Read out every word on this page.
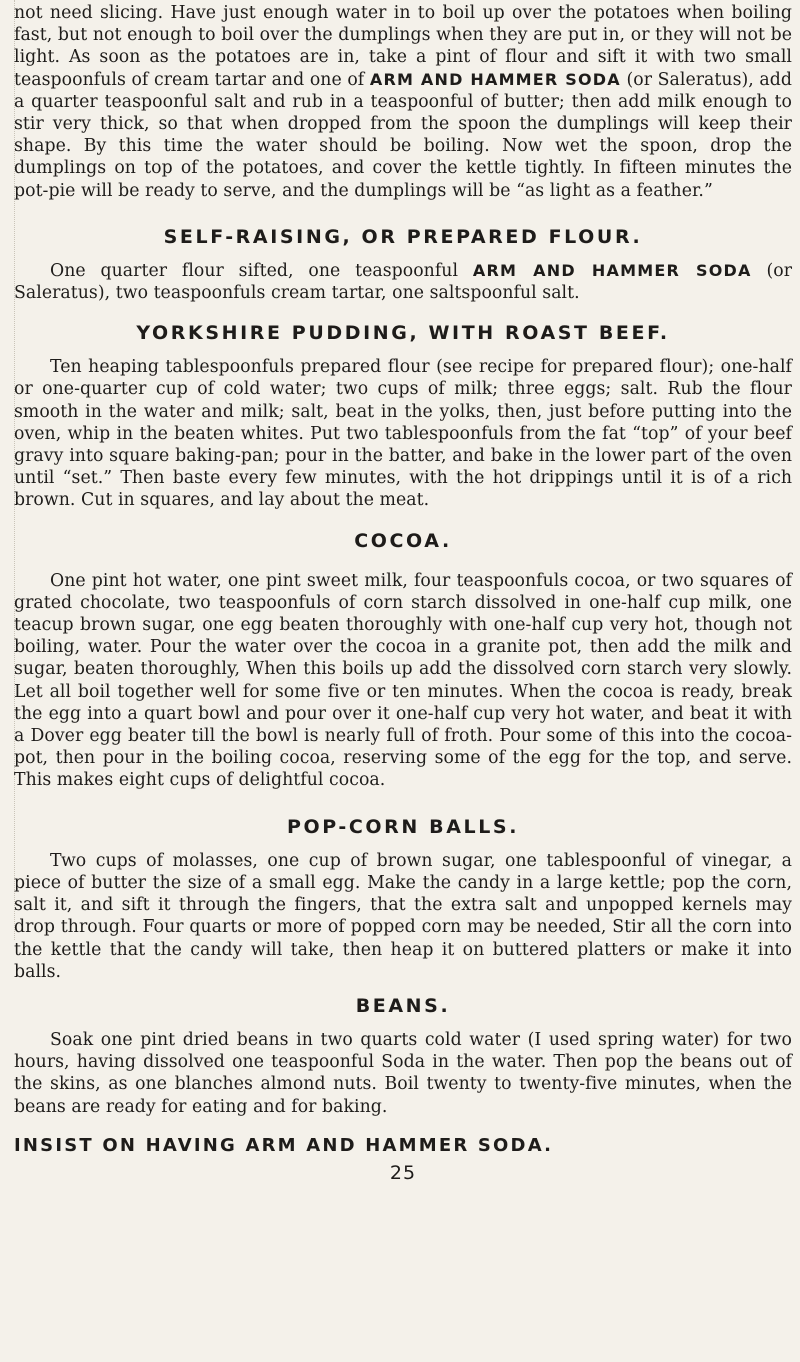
not need slicing. Have just enough water in to boil up over the potatoes when boiling fast, but not enough to boil over the dumplings when they are put in, or they will not be light. As soon as the potatoes are in, take a pint of flour and sift it with two small teaspoonfuls of cream tartar and one of ARM AND HAMMER SODA (or Saleratus), add a quarter teaspoonful salt and rub in a teaspoonful of butter; then add milk enough to stir very thick, so that when dropped from the spoon the dumplings will keep their shape. By this time the water should be boiling. Now wet the spoon, drop the dumplings on top of the potatoes, and cover the kettle tightly. In fifteen minutes the pot-pie will be ready to serve, and the dumplings will be “as light as a feather.”

SELF-RAISING, OR PREPARED FLOUR.

One quarter flour sifted, one teaspoonful ARM AND HAMMER SODA (or Saleratus), two teaspoonfuls cream tartar, one saltspoonful salt.

YORKSHIRE PUDDING, WITH ROAST BEEF.

Ten heaping tablespoonfuls prepared flour (see recipe for prepared flour); one-half or one-quarter cup of cold water; two cups of milk; three eggs; salt. Rub the flour smooth in the water and milk; salt, beat in the yolks, then, just before putting into the oven, whip in the beaten whites. Put two tablespoonfuls from the fat “top” of your beef gravy into square baking-pan; pour in the batter, and bake in the lower part of the oven until “set.” Then baste every few minutes, with the hot drippings until it is of a rich brown. Cut in squares, and lay about the meat.

COCOA.

One pint hot water, one pint sweet milk, four teaspoonfuls cocoa, or two squares of grated chocolate, two teaspoonfuls of corn starch dissolved in one-half cup milk, one teacup brown sugar, one egg beaten thoroughly with one-half cup very hot, though not boiling, water. Pour the water over the cocoa in a granite pot, then add the milk and sugar, beaten thoroughly, When this boils up add the dissolved corn starch very slowly. Let all boil together well for some five or ten minutes. When the cocoa is ready, break the egg into a quart bowl and pour over it one-half cup very hot water, and beat it with a Dover egg beater till the bowl is nearly full of froth. Pour some of this into the cocoa-pot, then pour in the boiling cocoa, reserving some of the egg for the top, and serve. This makes eight cups of delightful cocoa.

POP-CORN BALLS.

Two cups of molasses, one cup of brown sugar, one tablespoonful of vinegar, a piece of butter the size of a small egg. Make the candy in a large kettle; pop the corn, salt it, and sift it through the fingers, that the extra salt and unpopped kernels may drop through. Four quarts or more of popped corn may be needed, Stir all the corn into the kettle that the candy will take, then heap it on buttered platters or make it into balls.

BEANS.

Soak one pint dried beans in two quarts cold water (I used spring water) for two hours, having dissolved one teaspoonful Soda in the water. Then pop the beans out of the skins, as one blanches almond nuts. Boil twenty to twenty-five minutes, when the beans are ready for eating and for baking.

INSIST ON HAVING ARM AND HAMMER SODA.

25
